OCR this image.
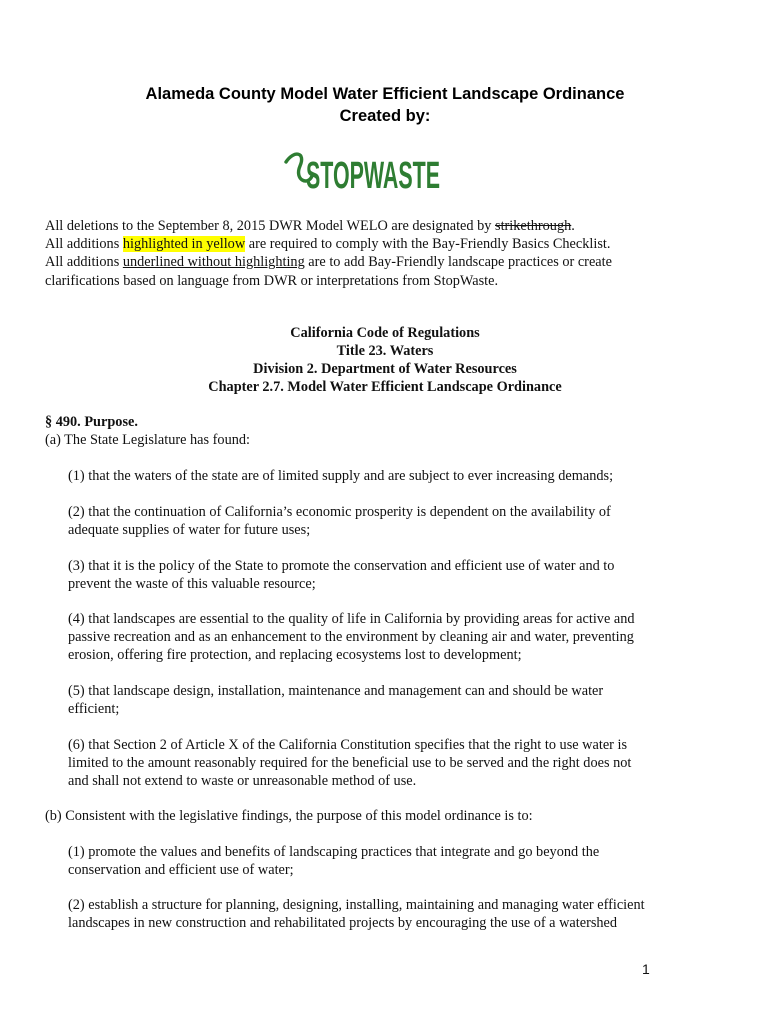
Alameda County Model Water Efficient Landscape Ordinance
Created by:
STOPWASTE

All deletions to the September 8, 2015 DWR Model WELO are designated by strikethrough.

All additions highlighted in yellow are required to comply with the Bay-Friendly Basics Checklist.

All additions underlined without highlighting are to add Bay-Friendly landscape practices or create

clarifications based on language from DWR or interpretations from StopWaste.

California Code of Regulations
Title 23. Waters
Division 2. Department of Water Resources
Chapter 2.7. Model Water Efficient Landscape Ordinance
§ 490. Purpose.
(a) The State Legislature has found:

(1) that the waters of the state are of limited supply and are subject to ever increasing demands;

(2) that the continuation of California’s economic prosperity is dependent on the availability of

adequate supplies of water for future uses;

(3) that it is the policy of the State to promote the conservation and efficient use of water and to

prevent the waste of this valuable resource;

(4) that landscapes are essential to the quality of life in California by providing areas for active and

passive recreation and as an enhancement to the environment by cleaning air and water, preventing

erosion, offering fire protection, and replacing ecosystems lost to development;

(5) that landscape design, installation, maintenance and management can and should be water

efficient;

(6) that Section 2 of Article X of the California Constitution specifies that the right to use water is

limited to the amount reasonably required for the beneficial use to be served and the right does not

and shall not extend to waste or unreasonable method of use.

(b) Consistent with the legislative findings, the purpose of this model ordinance is to:

(1) promote the values and benefits of landscaping practices that integrate and go beyond the

conservation and efficient use of water;

(2) establish a structure for planning, designing, installing, maintaining and managing water efficient

landscapes in new construction and rehabilitated projects by encouraging the use of a watershed

1
